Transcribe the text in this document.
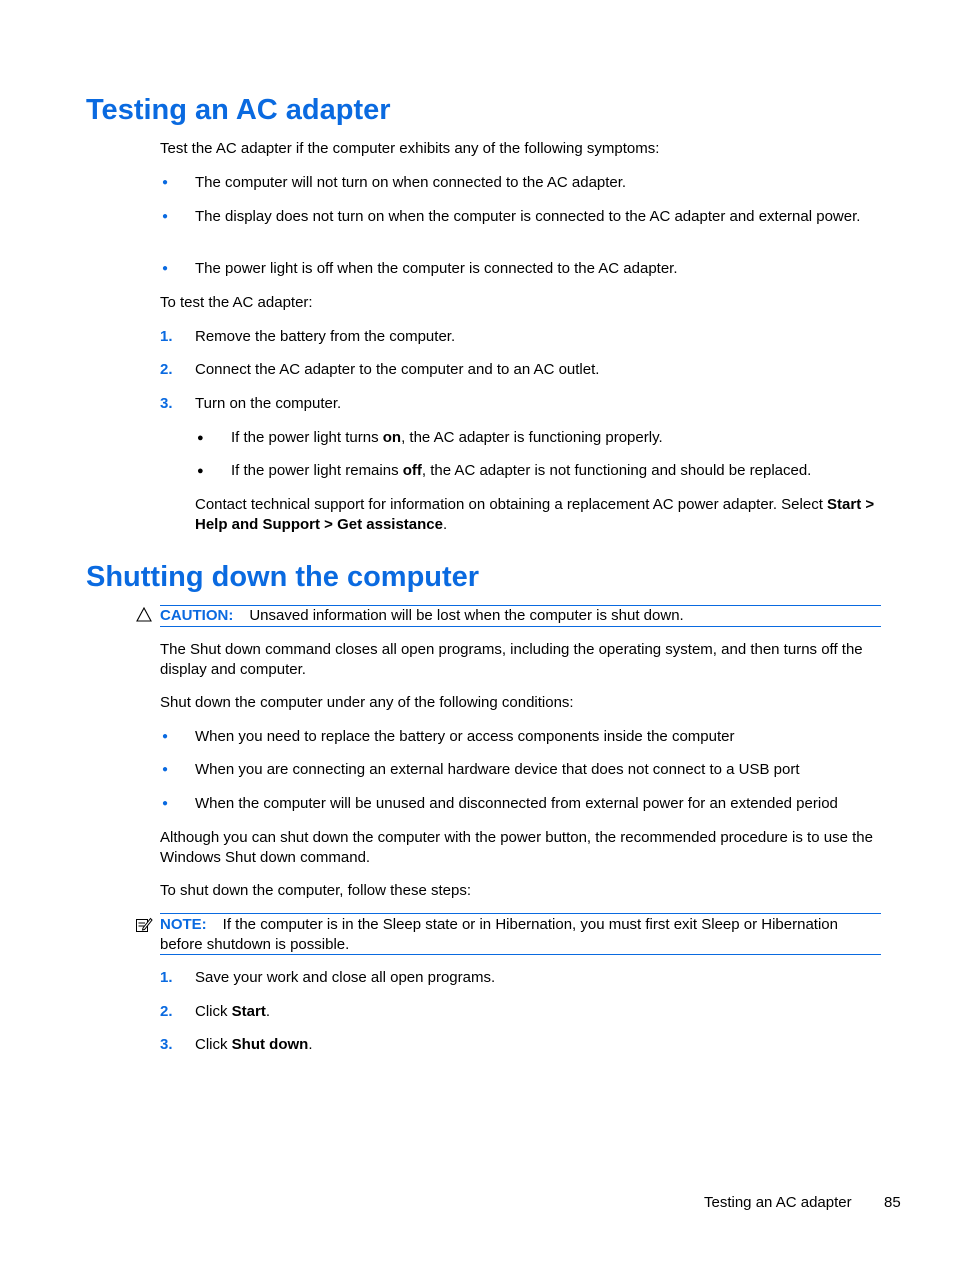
Testing an AC adapter
Test the AC adapter if the computer exhibits any of the following symptoms:
● The computer will not turn on when connected to the AC adapter.
● The display does not turn on when the computer is connected to the AC adapter and external power.
● The power light is off when the computer is connected to the AC adapter.
To test the AC adapter:
1. Remove the battery from the computer.
2. Connect the AC adapter to the computer and to an AC outlet.
3. Turn on the computer.
● If the power light turns on, the AC adapter is functioning properly.
● If the power light remains off, the AC adapter is not functioning and should be replaced.
Contact technical support for information on obtaining a replacement AC power adapter. Select Start > Help and Support > Get assistance.
Shutting down the computer
CAUTION: Unsaved information will be lost when the computer is shut down.
The Shut down command closes all open programs, including the operating system, and then turns off the display and computer.
Shut down the computer under any of the following conditions:
● When you need to replace the battery or access components inside the computer
● When you are connecting an external hardware device that does not connect to a USB port
● When the computer will be unused and disconnected from external power for an extended period
Although you can shut down the computer with the power button, the recommended procedure is to use the Windows Shut down command.
To shut down the computer, follow these steps:
NOTE: If the computer is in the Sleep state or in Hibernation, you must first exit Sleep or Hibernation before shutdown is possible.
1. Save your work and close all open programs.
2. Click Start.
3. Click Shut down.
Testing an AC adapter 85
